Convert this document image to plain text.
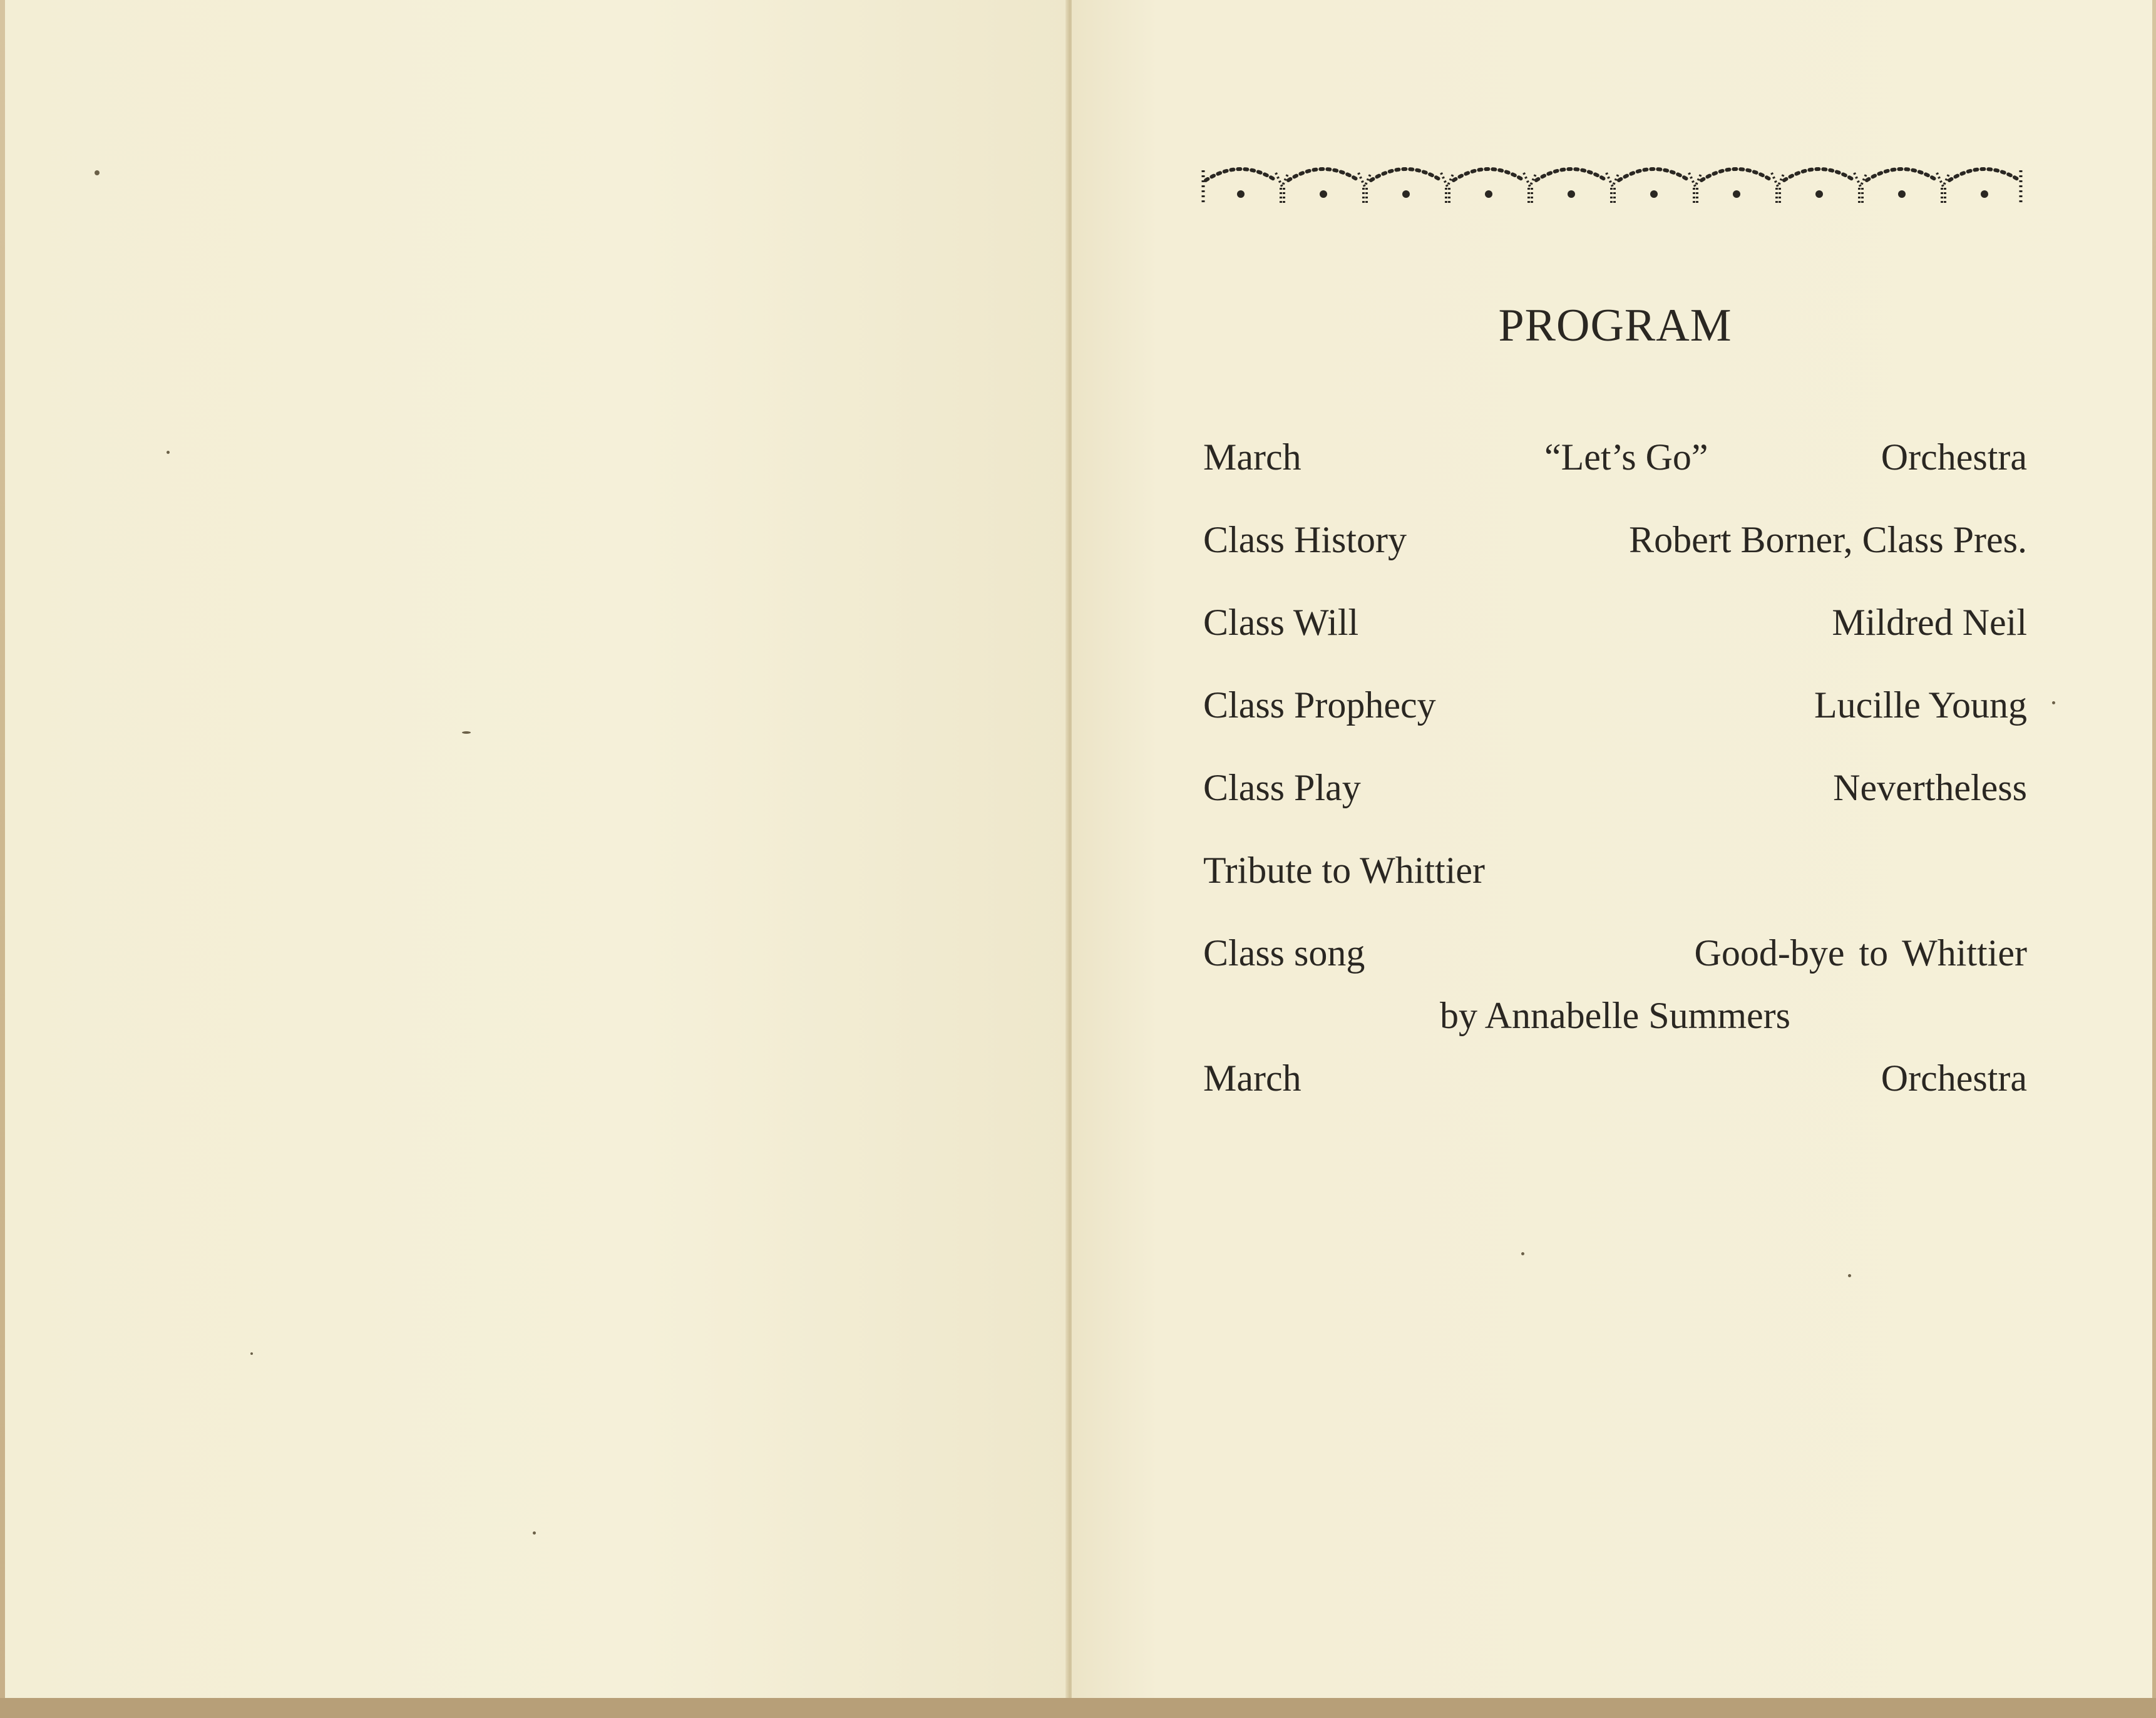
PROGRAM
March	“Let’s Go”	Orchestra
Class History	Robert Borner, Class Pres.
Class Will	Mildred Neil
Class Prophecy	Lucille Young
Class Play	Nevertheless
Tribute to Whittier
Class song	Good-bye to Whittier
by Annabelle Summers
March	Orchestra
